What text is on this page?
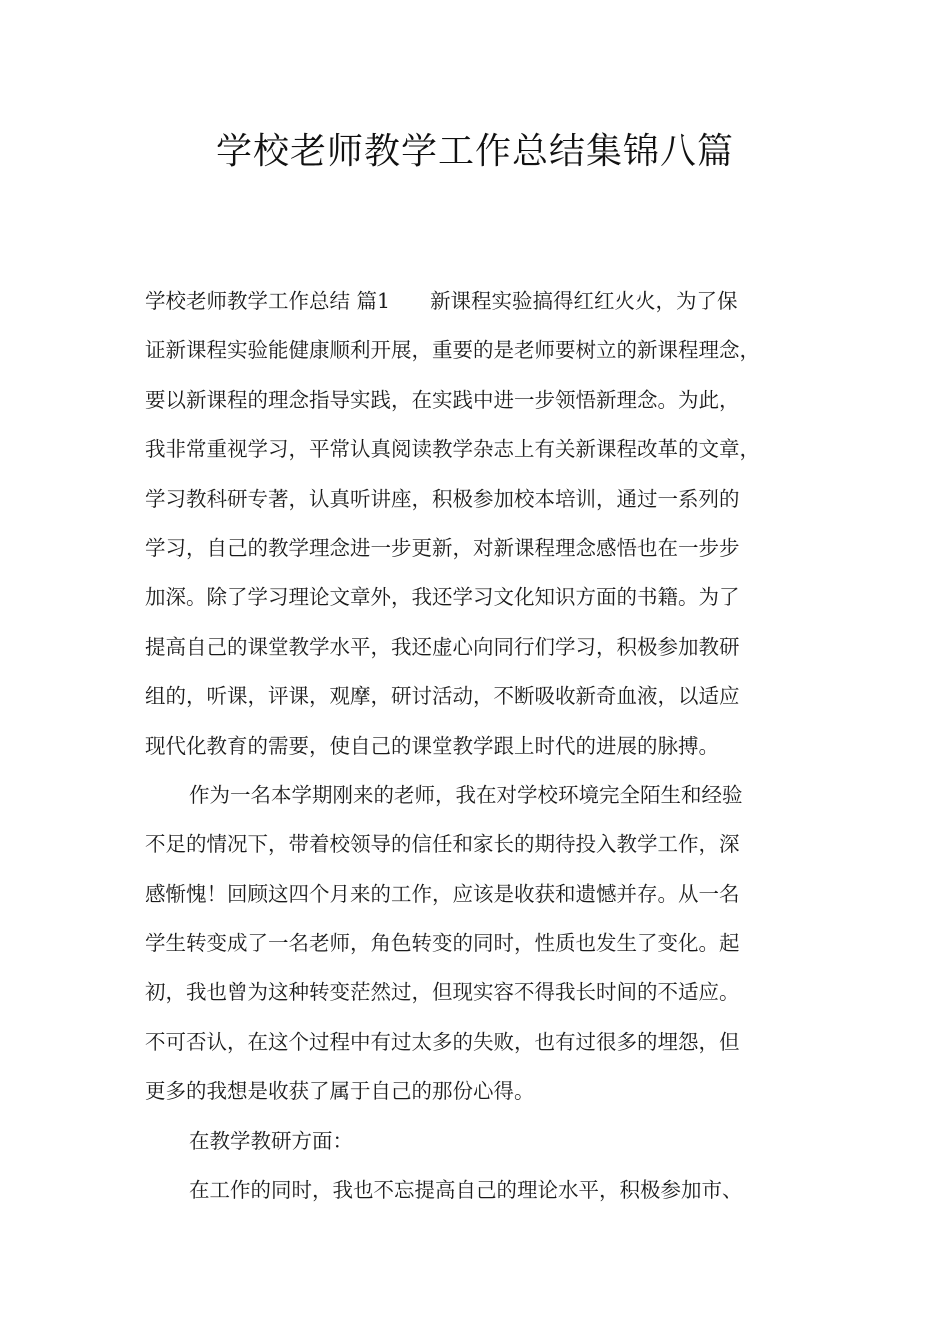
学校老师教学工作总结集锦八篇
学校老师教学工作总结 篇1 新课程实验搞得红红火火，为了保
证新课程实验能健康顺利开展，重要的是老师要树立的新课程理念，
要以新课程的理念指导实践，在实践中进一步领悟新理念。为此，
我非常重视学习，平常认真阅读教学杂志上有关新课程改革的文章，
学习教科研专著，认真听讲座，积极参加校本培训，通过一系列的
学习，自己的教学理念进一步更新，对新课程理念感悟也在一步步
加深。除了学习理论文章外，我还学习文化知识方面的书籍。为了
提高自己的课堂教学水平，我还虚心向同行们学习，积极参加教研
组的，听课，评课，观摩，研讨活动，不断吸收新奇血液，以适应
现代化教育的需要，使自己的课堂教学跟上时代的进展的脉搏。
作为一名本学期刚来的老师，我在对学校环境完全陌生和经验
不足的情况下，带着校领导的信任和家长的期待投入教学工作，深
感惭愧！回顾这四个月来的工作，应该是收获和遗憾并存。从一名
学生转变成了一名老师，角色转变的同时，性质也发生了变化。起
初，我也曾为这种转变茫然过，但现实容不得我长时间的不适应。
不可否认，在这个过程中有过太多的失败，也有过很多的埋怨，但
更多的我想是收获了属于自己的那份心得。
在教学教研方面：
在工作的同时，我也不忘提高自己的理论水平，积极参加市、
